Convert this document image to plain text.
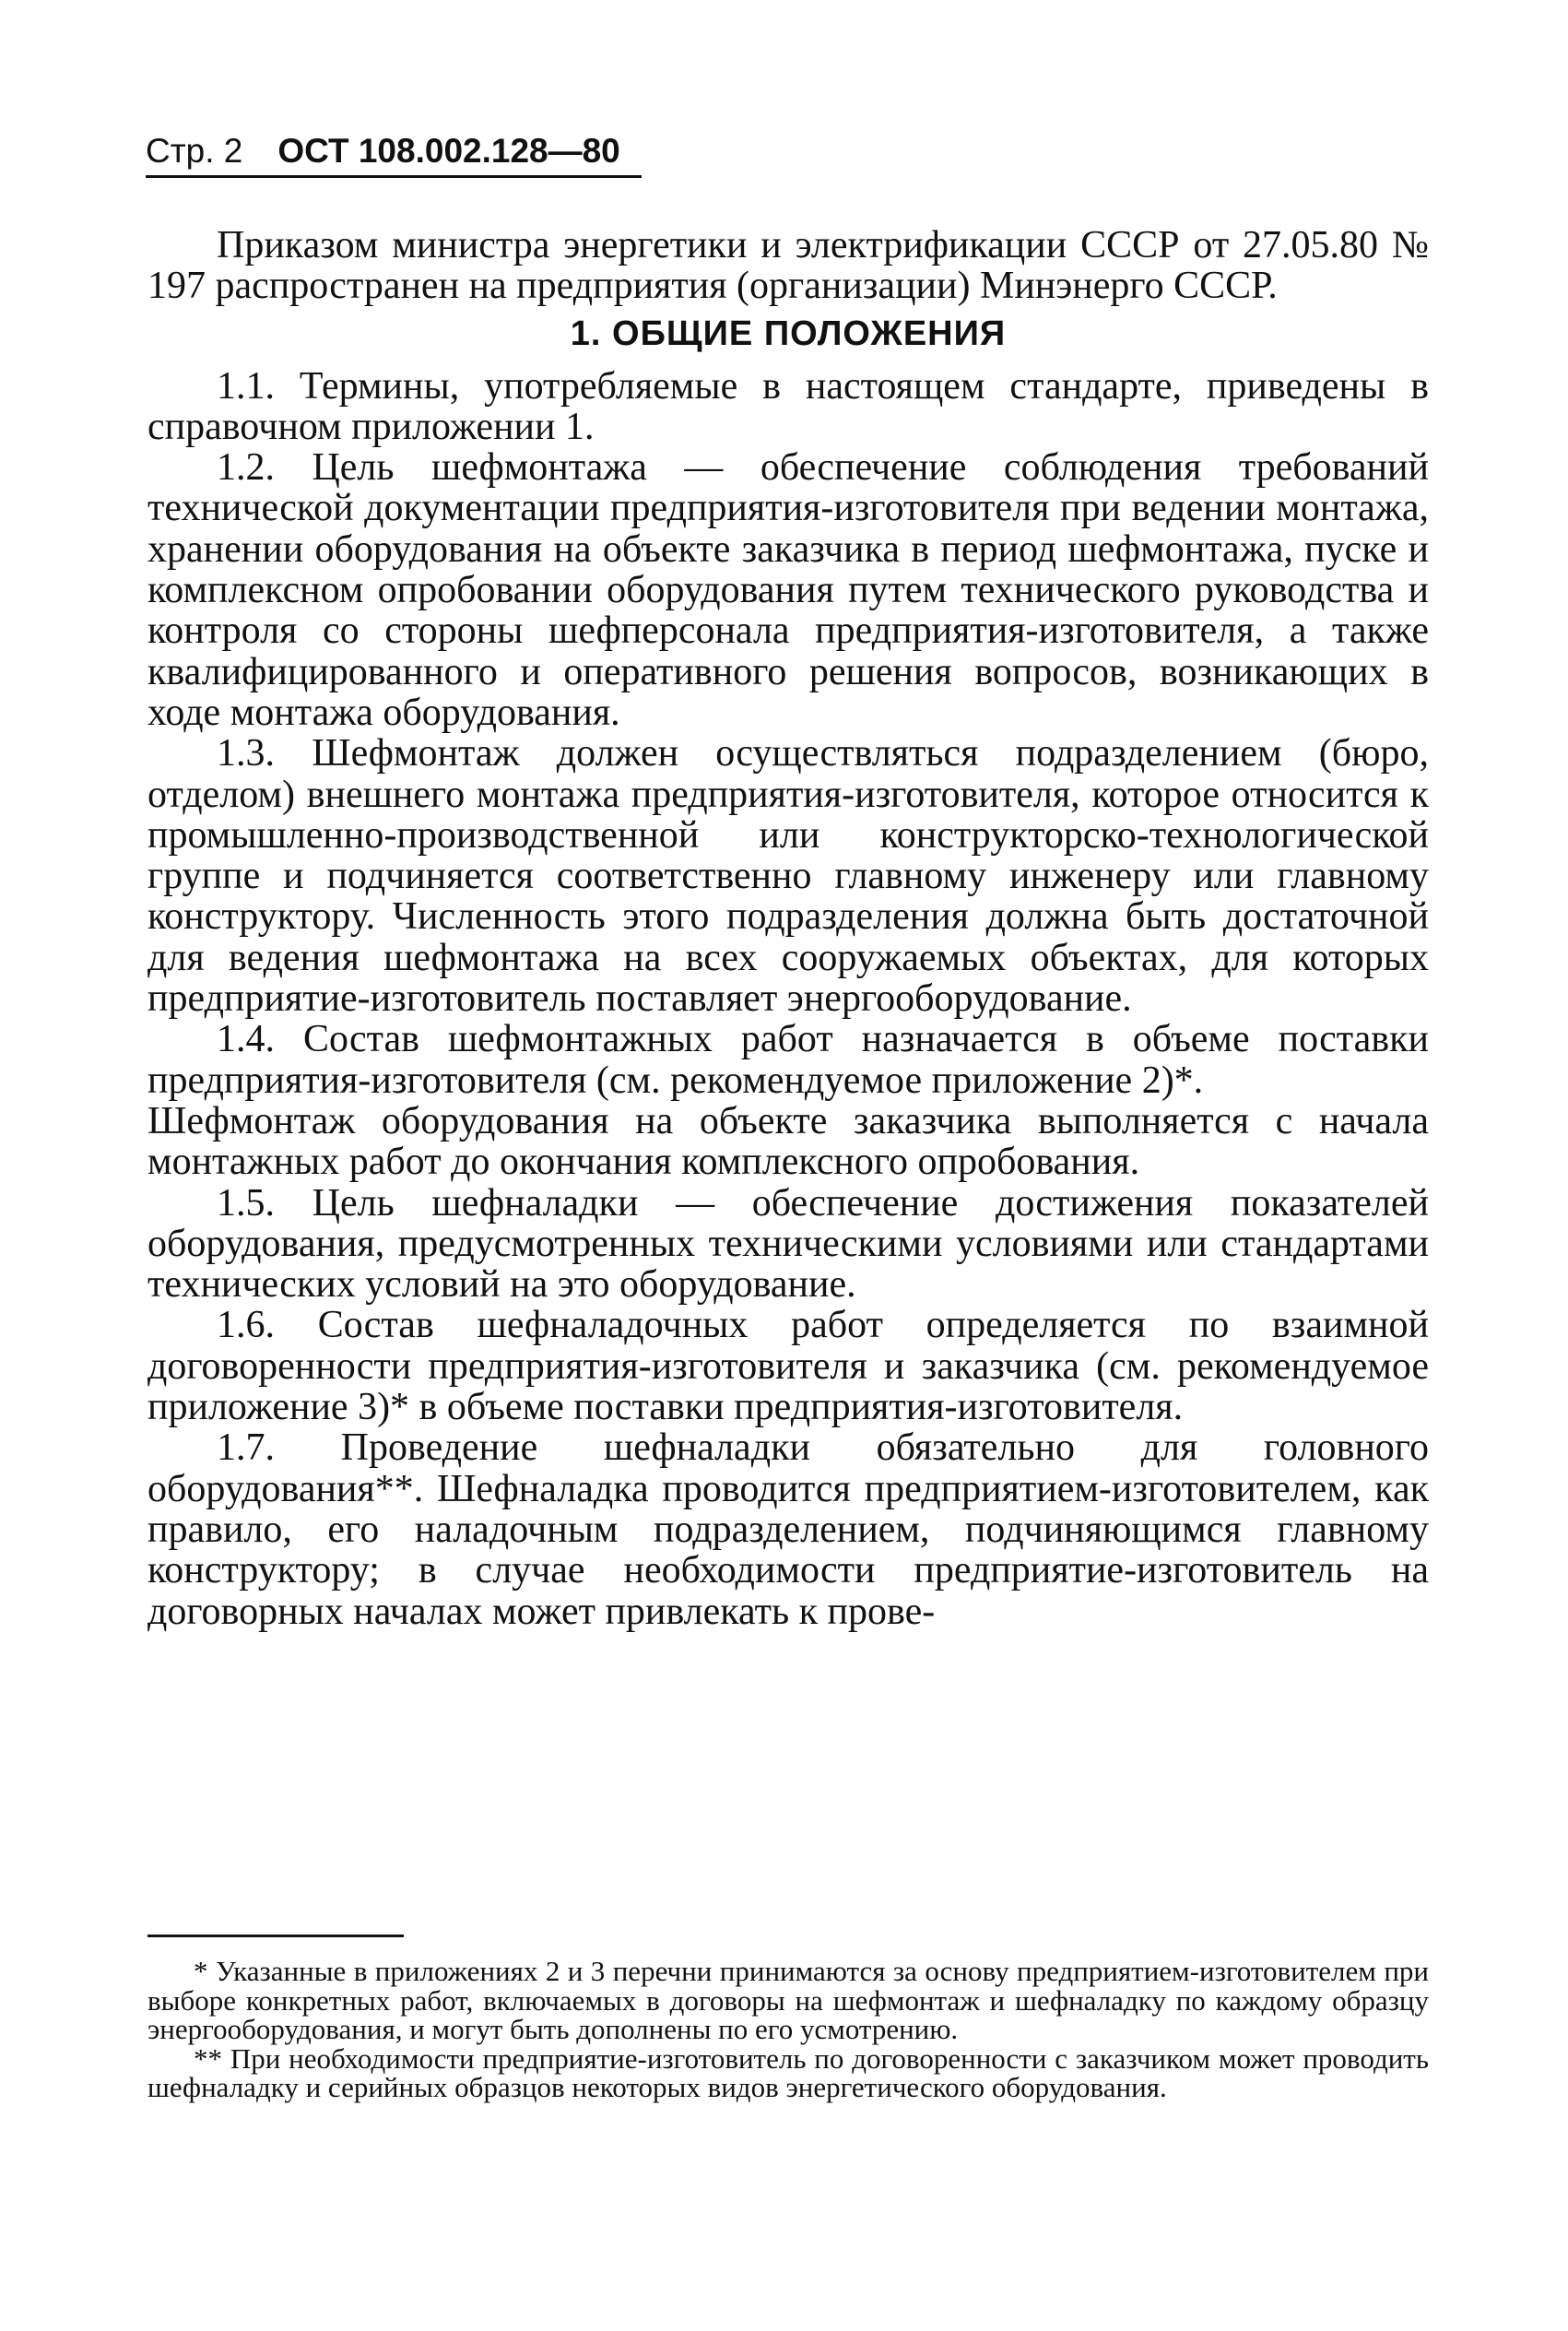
Стр. 2 ОСТ 108.002.128—80

Приказом министра энергетики и электрификации СССР от 27.05.80 № 197 распространен на предприятия (организации) Минэнерго СССР.

1. ОБЩИЕ ПОЛОЖЕНИЯ

1.1. Термины, употребляемые в настоящем стандарте, приведены в справочном приложении 1.

1.2. Цель шефмонтажа — обеспечение соблюдения требований технической документации предприятия-изготовителя при ведении монтажа, хранении оборудования на объекте заказчика в период шефмонтажа, пуске и комплексном опробовании оборудования путем технического руководства и контроля со стороны шефперсонала предприятия-изготовителя, а также квалифицированного и оперативного решения вопросов, возникающих в ходе монтажа оборудования.

1.3. Шефмонтаж должен осуществляться подразделением (бюро, отделом) внешнего монтажа предприятия-изготовителя, которое относится к промышленно-производственной или конструкторско-технологической группе и подчиняется соответственно главному инженеру или главному конструктору. Численность этого подразделения должна быть достаточной для ведения шефмонтажа на всех сооружаемых объектах, для которых предприятие-изготовитель поставляет энергооборудование.

1.4. Состав шефмонтажных работ назначается в объеме поставки предприятия-изготовителя (см. рекомендуемое приложение 2)*.

Шефмонтаж оборудования на объекте заказчика выполняется с начала монтажных работ до окончания комплексного опробования.

1.5. Цель шефналадки — обеспечение достижения показателей оборудования, предусмотренных техническими условиями или стандартами технических условий на это оборудование.

1.6. Состав шефналадочных работ определяется по взаимной договоренности предприятия-изготовителя и заказчика (см. рекомендуемое приложение 3)* в объеме поставки предприятия-изготовителя.

1.7. Проведение шефналадки обязательно для головного оборудования**. Шефналадка проводится предприятием-изготовителем, как правило, его наладочным подразделением, подчиняющимся главному конструктору; в случае необходимости предприятие-изготовитель на договорных началах может привлекать к прове-

* Указанные в приложениях 2 и 3 перечни принимаются за основу предприятием-изготовителем при выборе конкретных работ, включаемых в договоры на шефмонтаж и шефналадку по каждому образцу энергооборудования, и могут быть дополнены по его усмотрению.

** При необходимости предприятие-изготовитель по договоренности с заказчиком может проводить шефналадку и серийных образцов некоторых видов энергетического оборудования.
